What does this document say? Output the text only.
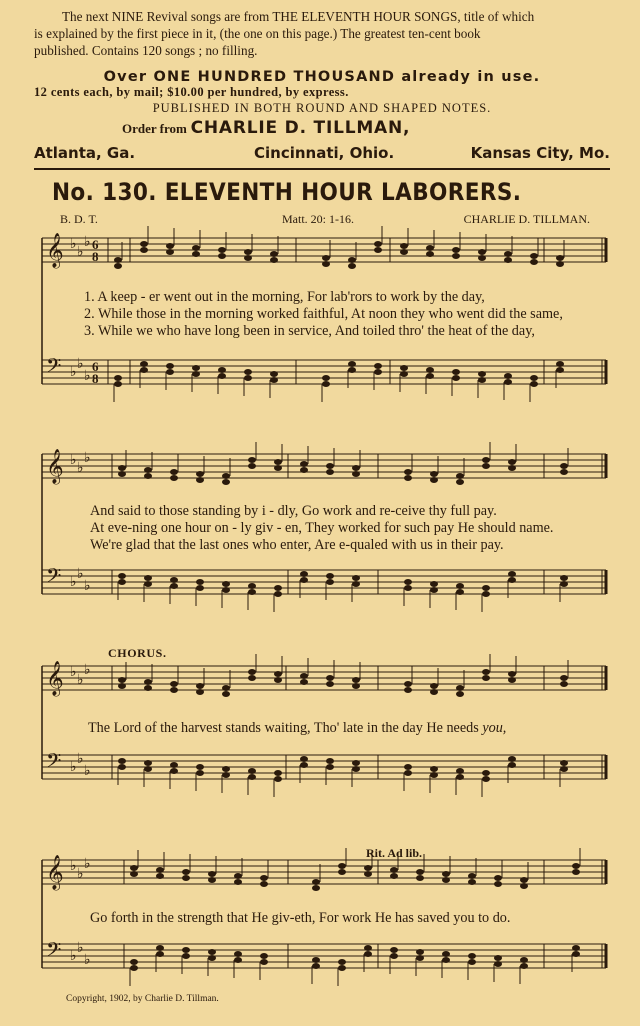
The next NINE Revival songs are from THE ELEVENTH HOUR SONGS, title of which
is explained by the first piece in it, (the one on this page.) The greatest ten-cent book
published. Contains 120 songs ; no filling.
Over ONE HUNDRED THOUSAND already in use.
12 cents each, by mail; $10.00 per hundred, by express.
PUBLISHED IN BOTH ROUND AND SHAPED NOTES.
Order from CHARLIE D. TILLMAN,
Atlanta, Ga.	Cincinnati, Ohio.	Kansas City, Mo.
No. 130. ELEVENTH HOUR LABORERS.
B. D. T.	Matt. 20: 1-16.	CHARLIE D. TILLMAN.
𝄞
𝄢
♭
♭
♭
♭
♭
♭
6
8
6
8
𝄞
𝄢
♭
♭
♭
♭
♭
♭
𝄞
𝄢
♭
♭
♭
♭
♭
♭
𝄞
𝄢
♭
♭
♭
♭
♭
♭
1. A keep - er went out in the morning, For lab'rors to work by the day,
2. While those in the morning worked faithful, At noon they who went did the same,
3. While we who have long been in service, And toiled thro' the heat of the day,
And said to those standing by i - dly, Go work and re-ceive thy full pay.
At eve-ning one hour on - ly giv - en, They worked for such pay He should name.
We're glad that the last ones who enter, Are e-qualed with us in their pay.
CHORUS.
The Lord of the harvest stands waiting, Tho' late in the day He needs you,
Rit. Ad lib.
Go forth in the strength that He giv-eth, For work He has saved you to do.
Copyright, 1902, by Charlie D. Tillman.
